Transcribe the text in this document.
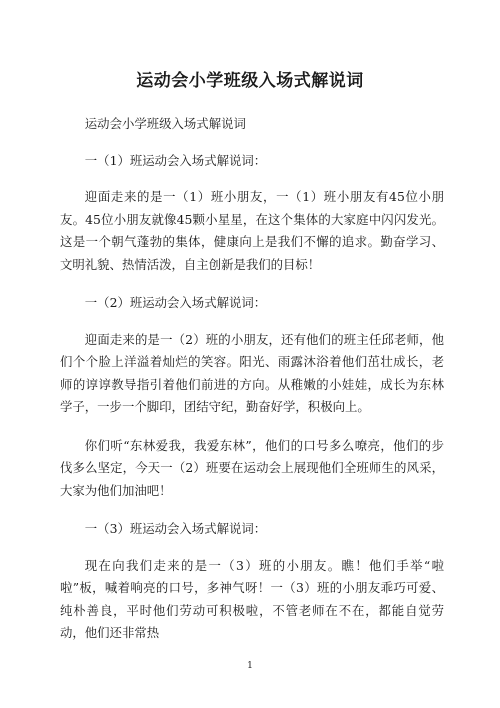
运动会小学班级入场式解说词

运动会小学班级入场式解说词

一（1）班运动会入场式解说词：

迎面走来的是一（1）班小朋友，一（1）班小朋友有45位小朋友。45位小朋友就像45颗小星星，在这个集体的大家庭中闪闪发光。这是一个朝气蓬勃的集体，健康向上是我们不懈的追求。勤奋学习、文明礼貌、热情活泼，自主创新是我们的目标！

一（2）班运动会入场式解说词：

迎面走来的是一（2）班的小朋友，还有他们的班主任邱老师，他们个个脸上洋溢着灿烂的笑容。阳光、雨露沐浴着他们茁壮成长，老师的谆谆教导指引着他们前进的方向。从稚嫩的小娃娃，成长为东林学子，一步一个脚印，团结守纪，勤奋好学，积极向上。

你们听“东林爱我，我爱东林”，他们的口号多么嘹亮，他们的步伐多么坚定，今天一（2）班要在运动会上展现他们全班师生的风采，大家为他们加油吧！

一（3）班运动会入场式解说词：

现在向我们走来的是一（3）班的小朋友。瞧！他们手举“啦啦”板，喊着响亮的口号，多神气呀！一（3）班的小朋友乖巧可爱、纯朴善良，平时他们劳动可积极啦，不管老师在不在，都能自觉劳动，他们还非常热

1
